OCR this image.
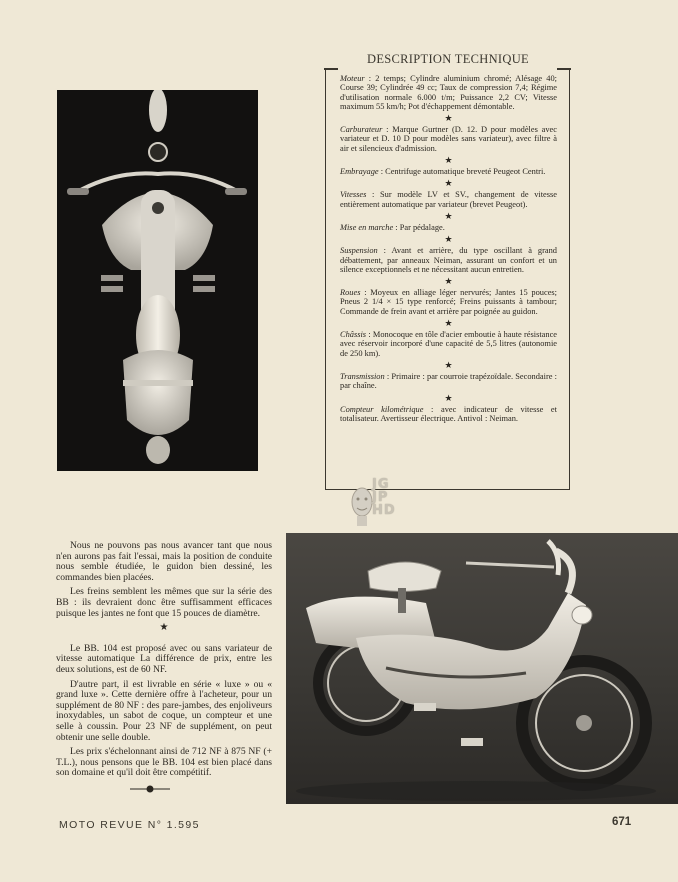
DESCRIPTION TECHNIQUE

Moteur : 2 temps; Cylindre aluminium chromé; Alésage 40; Course 39; Cylindrée 49 cc; Taux de compression 7,4; Régime d'utilisation normale 6.000 t/m; Puissance 2,2 CV; Vitesse maximum 55 km/h; Pot d'échappement démontable.

★

Carburateur : Marque Gurtner (D. 12. D pour modèles avec variateur et D. 10 D pour modèles sans variateur), avec filtre à air et silencieux d'admission.

★

Embrayage : Centrifuge automatique breveté Peugeot Centri.

★

Vitesses : Sur modèle LV et SV., changement de vitesse entièrement automatique par variateur (brevet Peugeot).

★

Mise en marche : Par pédalage.

★

Suspension : Avant et arrière, du type oscillant à grand débattement, par anneaux Neiman, assurant un confort et un silence exceptionnels et ne nécessitant aucun entretien.

★

Roues : Moyeux en alliage léger nervurés; Jantes 15 pouces; Pneus 2 1/4 × 15 type renforcé; Freins puissants à tambour; Commande de frein avant et arrière par poignée au guidon.

★

Châssis : Monocoque en tôle d'acier emboutie à haute résistance avec réservoir incorporé d'une capacité de 5,5 litres (autonomie de 250 km).

★

Transmission : Primaire : par courroie trapézoïdale. Secondaire : par chaîne.

★

Compteur kilométrique : avec indicateur de vitesse et totalisateur. Avertisseur électrique. Antivol : Neiman.

JG
JP
HD

Nous ne pouvons pas nous avancer tant que nous n'en aurons pas fait l'essai, mais la position de conduite nous semble étudiée, le guidon bien dessiné, les commandes bien placées.

Les freins semblent les mêmes que sur la série des BB : ils devraient donc être suffisamment efficaces puisque les jantes ne font que 15 pouces de diamètre.

★

Le BB. 104 est proposé avec ou sans variateur de vitesse automatique La différence de prix, entre les deux solutions, est de 60 NF.

D'autre part, il est livrable en série « luxe » ou « grand luxe ». Cette dernière offre à l'acheteur, pour un supplément de 80 NF : des pare-jambes, des enjoliveurs inoxydables, un sabot de coque, un compteur et une selle à coussin. Pour 23 NF de supplément, on peut obtenir une selle double.

Les prix s'échelonnant ainsi de 712 NF à 875 NF (+ T.L.), nous pensons que le BB. 104 est bien placé dans son domaine et qu'il doit être compétitif.

MOTO REVUE N° 1.595	671
